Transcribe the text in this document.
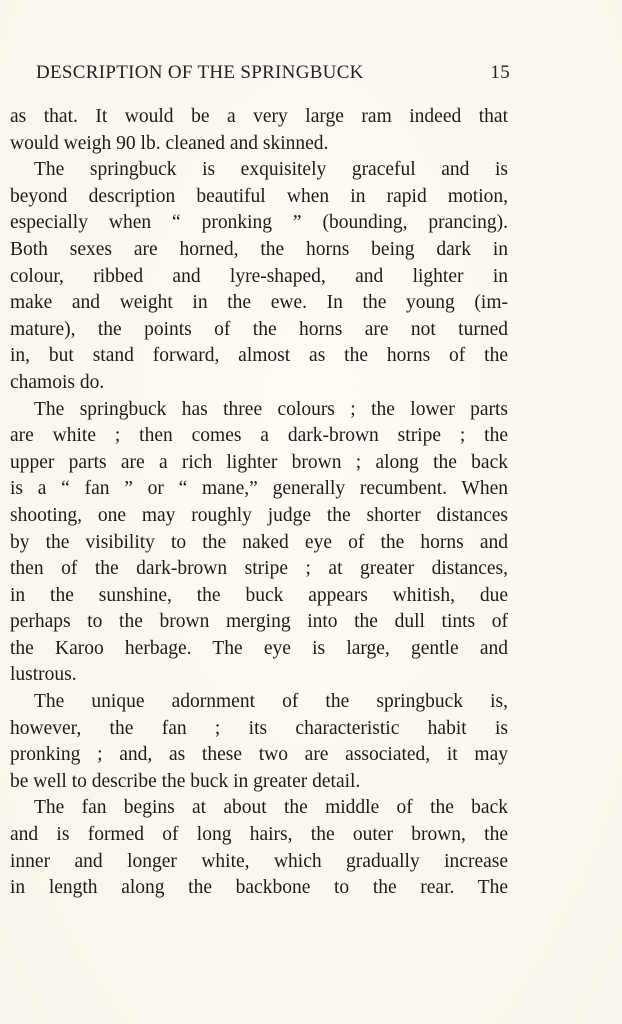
DESCRIPTION OF THE SPRINGBUCK	15
as that. It would be a very large ram indeed that
would weigh 90 lb. cleaned and skinned.
The springbuck is exquisitely graceful and is
beyond description beautiful when in rapid motion,
especially when “ pronking ” (bounding, prancing).
Both sexes are horned, the horns being dark in
colour, ribbed and lyre-shaped, and lighter in
make and weight in the ewe. In the young (im-
mature), the points of the horns are not turned
in, but stand forward, almost as the horns of the
chamois do.
The springbuck has three colours ; the lower parts
are white ; then comes a dark-brown stripe ; the
upper parts are a rich lighter brown ; along the back
is a “ fan ” or “ mane,” generally recumbent. When
shooting, one may roughly judge the shorter distances
by the visibility to the naked eye of the horns and
then of the dark-brown stripe ; at greater distances,
in the sunshine, the buck appears whitish, due
perhaps to the brown merging into the dull tints of
the Karoo herbage. The eye is large, gentle and
lustrous.
The unique adornment of the springbuck is,
however, the fan ; its characteristic habit is
pronking ; and, as these two are associated, it may
be well to describe the buck in greater detail.
The fan begins at about the middle of the back
and is formed of long hairs, the outer brown, the
inner and longer white, which gradually increase
in length along the backbone to the rear. The
